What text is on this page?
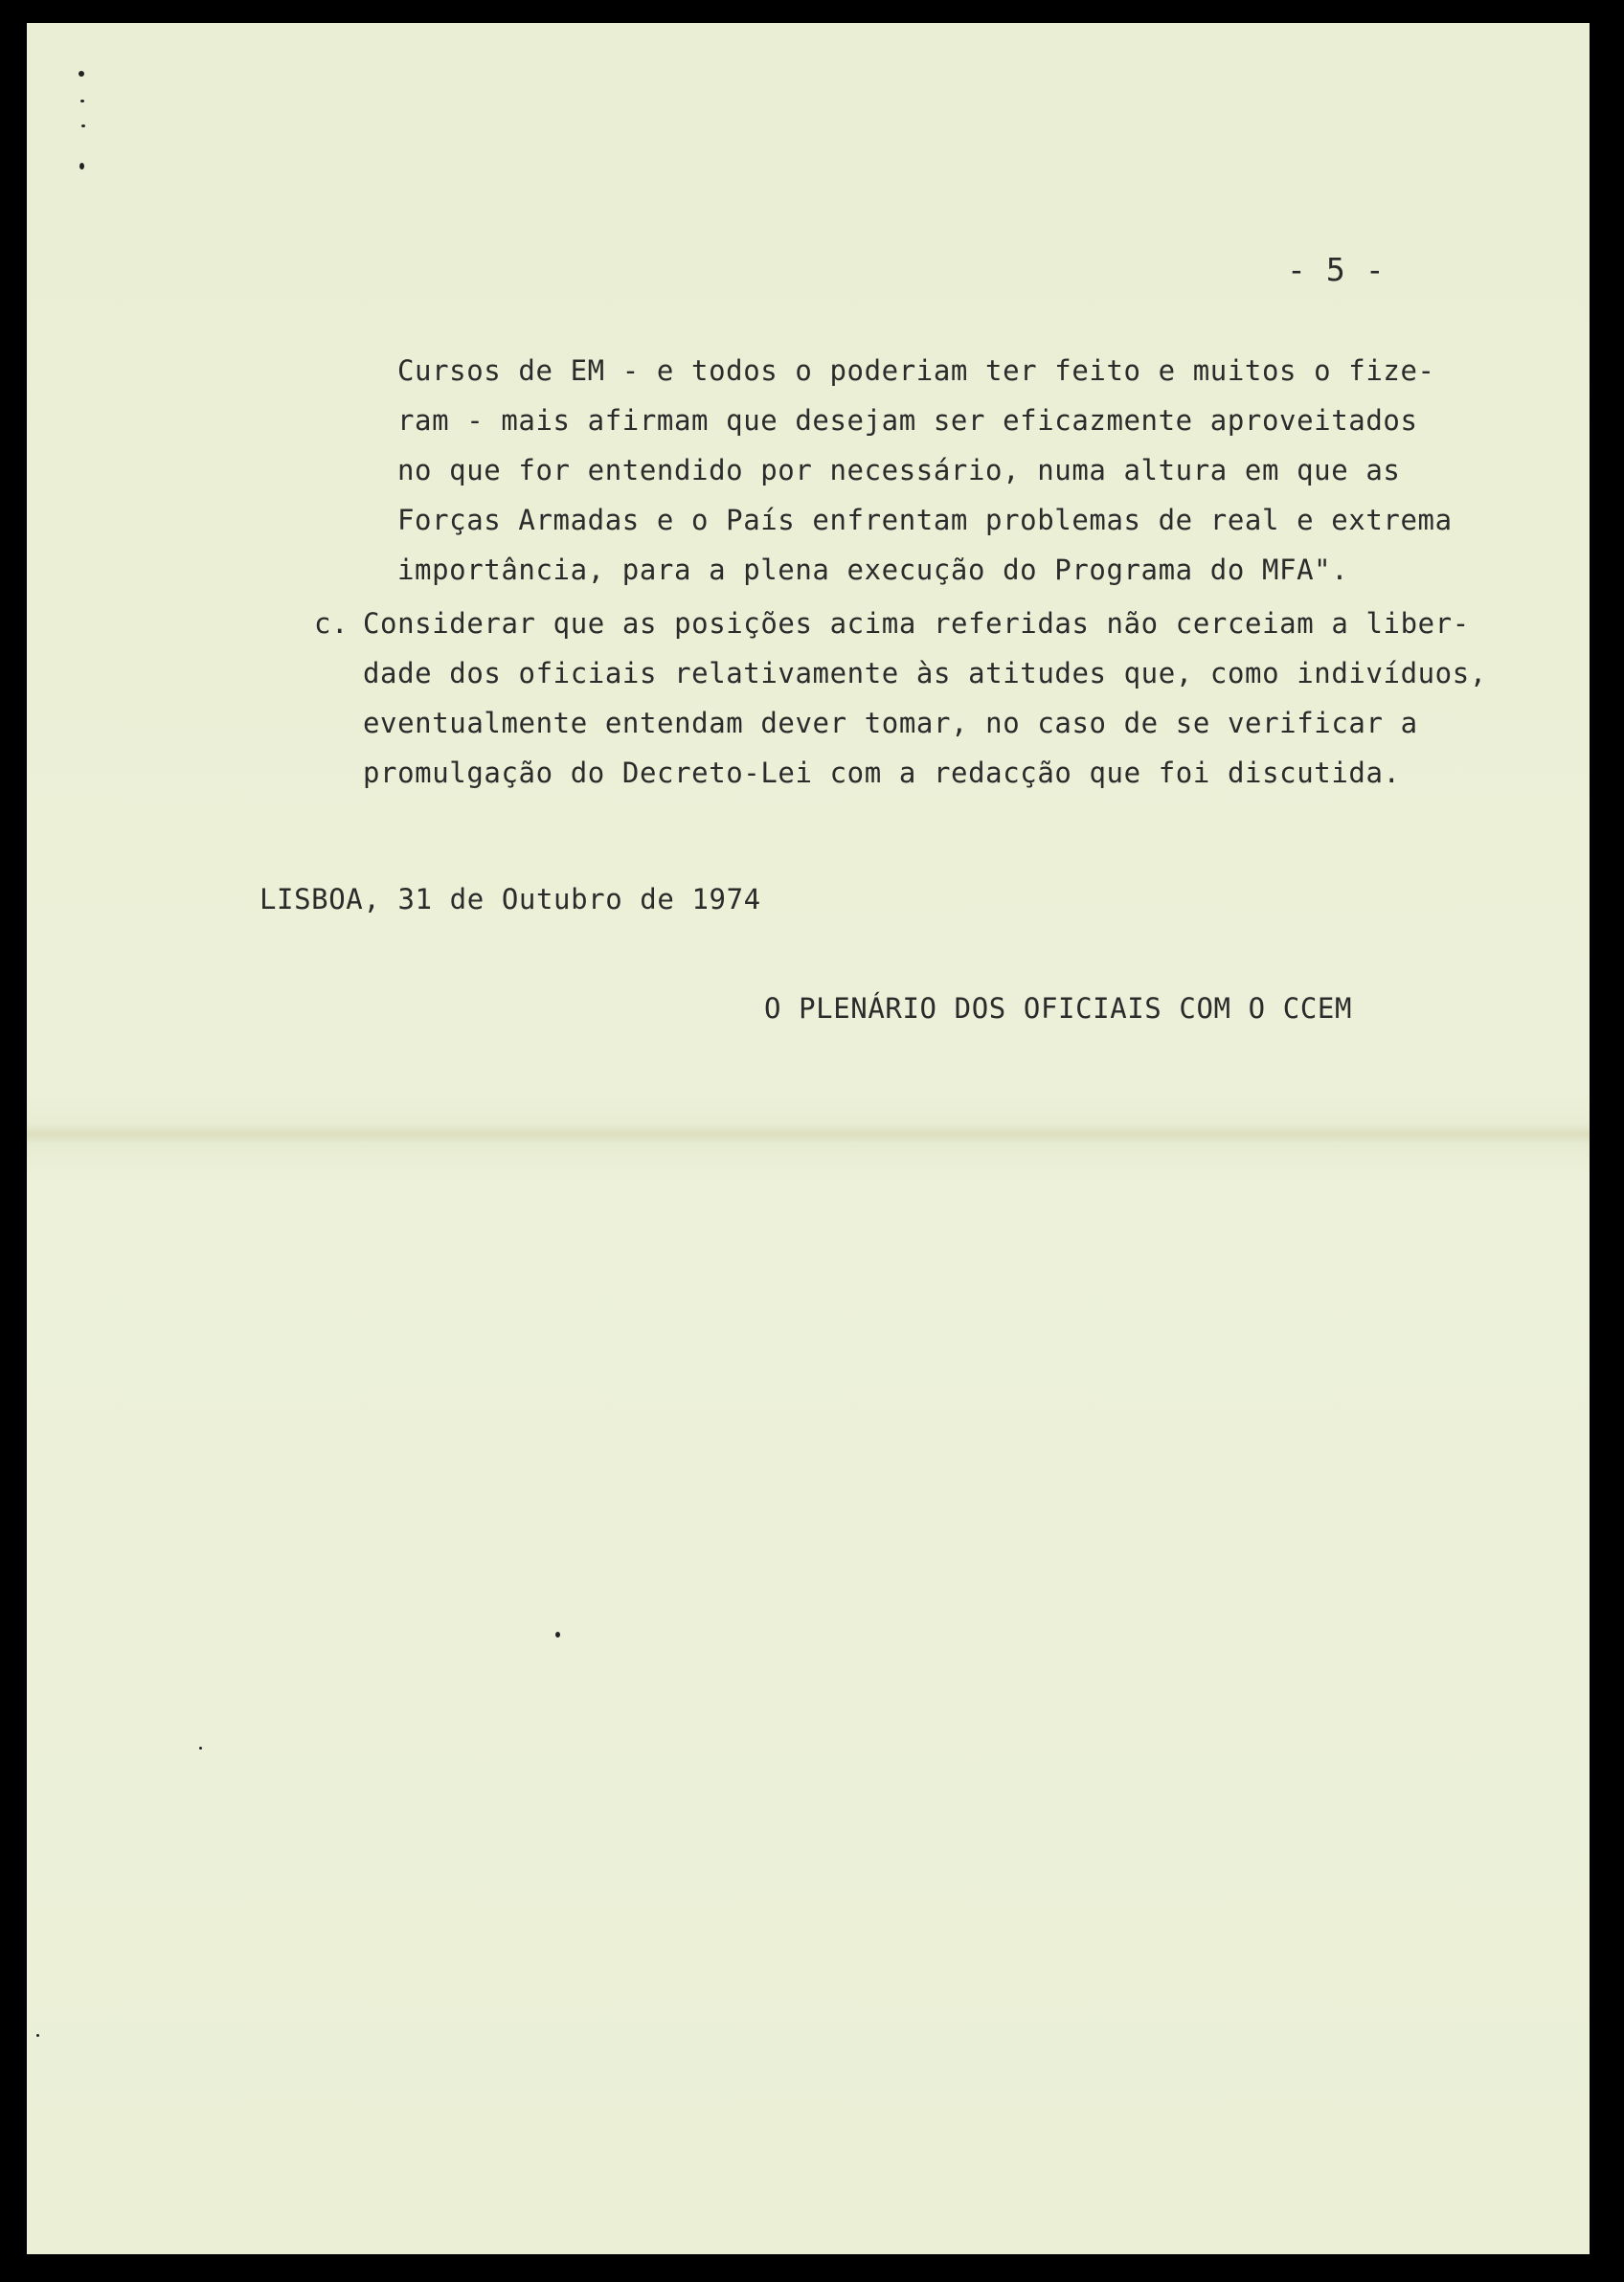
- 5 -
Cursos de EM - e todos o poderiam ter feito e muitos o fize-
ram - mais afirmam que desejam ser eficazmente aproveitados
no que for entendido por necessário, numa altura em que as
Forças Armadas e o País enfrentam problemas de real e extrema
importância, para a plena execução do Programa do MFA".
c. Considerar que as posições acima referidas não cerceiam a liber-
dade dos oficiais relativamente às atitudes que, como indivíduos,
eventualmente entendam dever tomar, no caso de se verificar a
promulgação do Decreto-Lei com a redacção que foi discutida.
LISBOA, 31 de Outubro de 1974
O PLENÁRIO DOS OFICIAIS COM O CCEM
